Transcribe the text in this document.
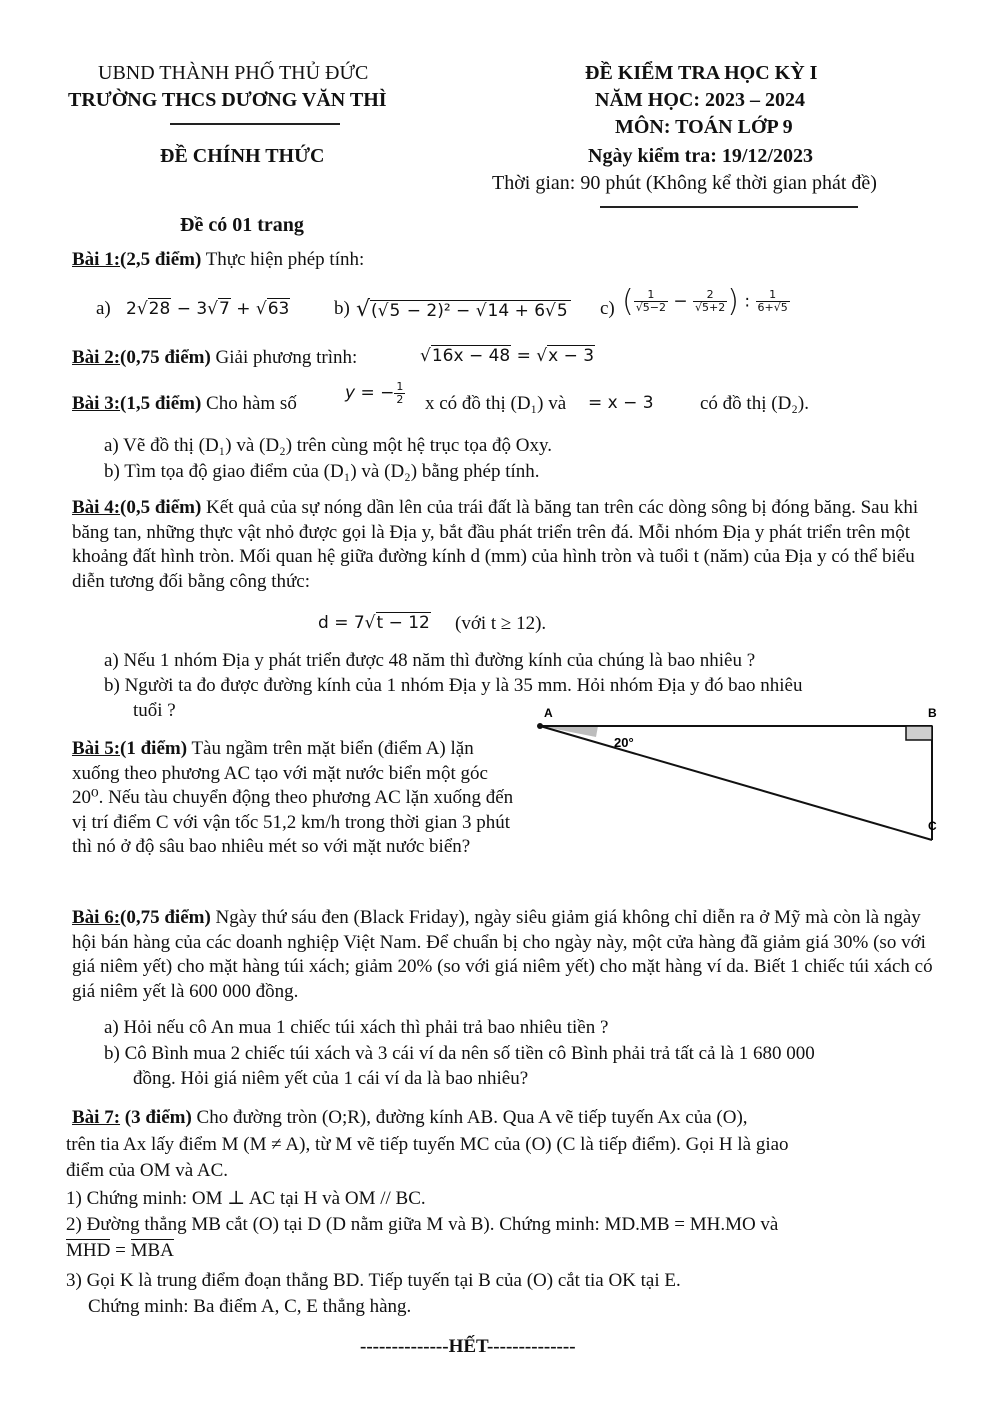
UBND THÀNH PHỐ THỦ ĐỨC
TRƯỜNG THCS DƯƠNG VĂN THÌ
ĐỀ CHÍNH THỨC
ĐỀ KIỂM TRA HỌC KỲ I
NĂM HỌC: 2023 – 2024
MÔN: TOÁN LỚP 9
Ngày kiểm tra: 19/12/2023
Thời gian: 90 phút (Không kể thời gian phát đề)
Đề có 01 trang
Bài 1:(2,5 điểm) Thực hiện phép tính:
a) 2√28 − 3√7 + √63 b) √(√5 − 2)² − √14 + 6√5 c) ( $\frac{1}{√5-2} - \frac{2}{√5+2}$ ) : $\frac{1}{6+√5}$
Bài 2:(0,75 điểm) Giải phương trình:	√16x − 48 = √x − 3
Bài 3:(1,5 điểm) Cho hàm số	y = − $\frac{1}{2}$ x có đồ thị (D₁) và = x − 3 có đồ thị (D₂).
a) Vẽ đồ thị (D₁) và (D₂) trên cùng một hệ trục tọa độ Oxy.
b) Tìm tọa độ giao điểm của (D₁) và (D₂) bằng phép tính.
Bài 4:(0,5 điểm) Kết quả của sự nóng dần lên của trái đất là băng tan trên các dòng sông bị đóng băng. Sau khi băng tan, những thực vật nhỏ được gọi là Địa y, bắt đầu phát triển trên đá. Mỗi nhóm Địa y phát triển trên một khoảng đất hình tròn. Mối quan hệ giữa đường kính d (mm) của hình tròn và tuổi t (năm) của Địa y có thể biểu diễn tương đối bằng công thức:
d = 7√t − 12 (với t ≥ 12).
a) Nếu 1 nhóm Địa y phát triển được 48 năm thì đường kính của chúng là bao nhiêu ?
b) Người ta đo được đường kính của 1 nhóm Địa y là 35 mm. Hỏi nhóm Địa y đó bao nhiêu
tuổi ?
Bài 5:(1 điểm) Tàu ngầm trên mặt biển (điểm A) lặn xuống theo phương AC tạo với mặt nước biển một góc 20⁰. Nếu tàu chuyển động theo phương AC lặn xuống đến vị trí điểm C với vận tốc 51,2 km/h trong thời gian 3 phút thì nó ở độ sâu bao nhiêu mét so với mặt nước biển?
A	B
C
20°
Bài 6:(0,75 điểm) Ngày thứ sáu đen (Black Friday), ngày siêu giảm giá không chỉ diễn ra ở Mỹ mà còn là ngày hội bán hàng của các doanh nghiệp Việt Nam. Để chuẩn bị cho ngày này, một cửa hàng đã giảm giá 30% (so với giá niêm yết) cho mặt hàng túi xách; giảm 20% (so với giá niêm yết) cho mặt hàng ví da. Biết 1 chiếc túi xách có giá niêm yết là 600 000 đồng.
a) Hỏi nếu cô An mua 1 chiếc túi xách thì phải trả bao nhiêu tiền ?
b) Cô Bình mua 2 chiếc túi xách và 3 cái ví da nên số tiền cô Bình phải trả tất cả là 1 680 000
đồng. Hỏi giá niêm yết của 1 cái ví da là bao nhiêu?
Bài 7: (3 điểm) Cho đường tròn (O;R), đường kính AB. Qua A vẽ tiếp tuyến Ax của (O),
trên tia Ax lấy điểm M (M ≠ A), từ M vẽ tiếp tuyến MC của (O) (C là tiếp điểm). Gọi H là giao
điểm của OM và AC.
1) Chứng minh: OM ⊥ AC tại H và OM // BC.
2) Đường thẳng MB cắt (O) tại D (D nằm giữa M và B). Chứng minh: MD.MB = MH.MO và
MHD = MBA
3) Gọi K là trung điểm đoạn thẳng BD. Tiếp tuyến tại B của (O) cắt tia OK tại E.
Chứng minh: Ba điểm A, C, E thẳng hàng.
--------------HẾT--------------
